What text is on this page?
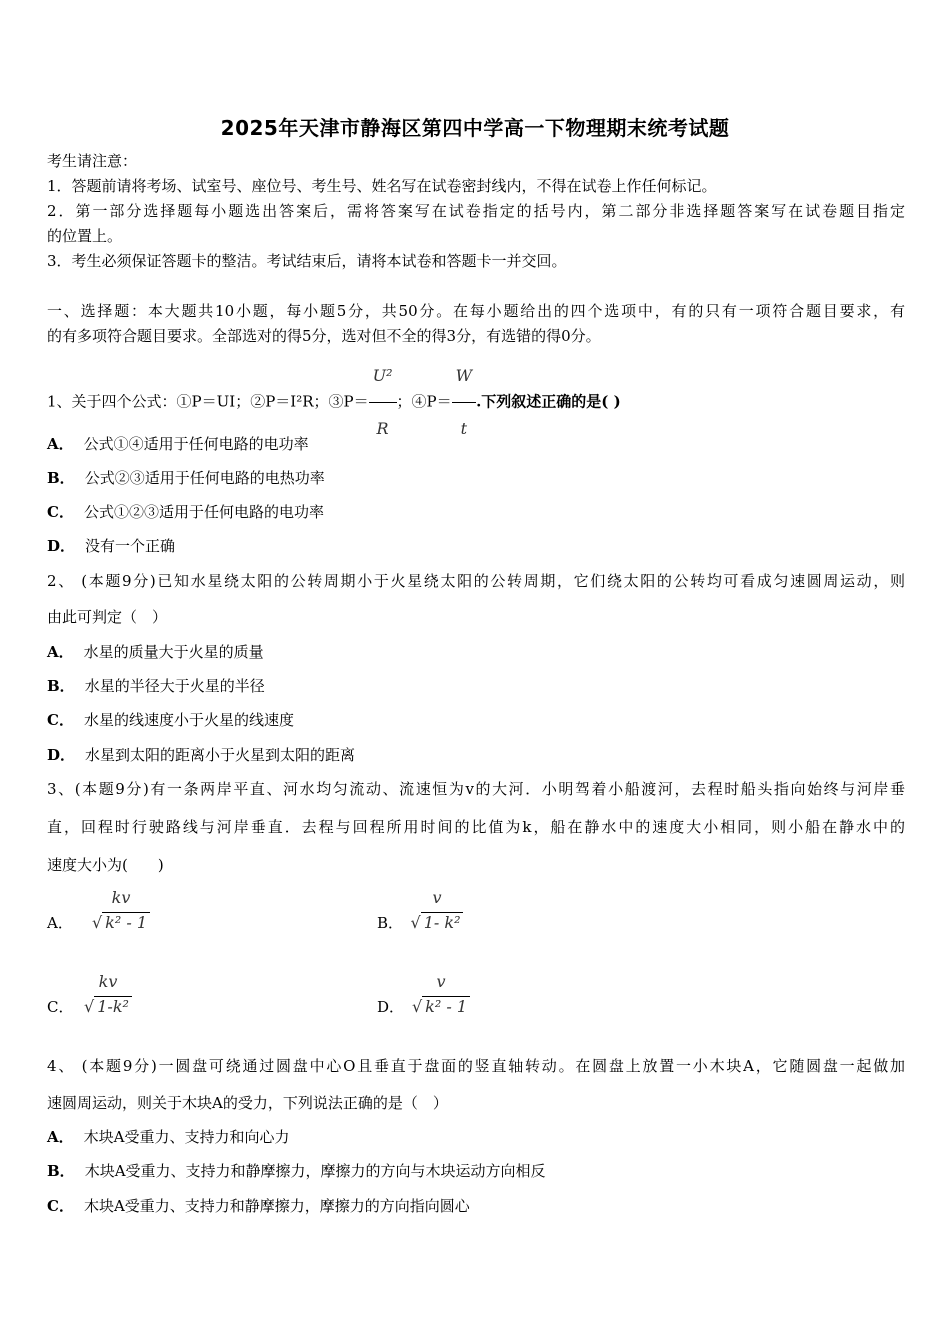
2025年天津市静海区第四中学高一下物理期末统考试题
考生请注意：
1．答题前请将考场、试室号、座位号、考生号、姓名写在试卷密封线内，不得在试卷上作任何标记。
2．第一部分选择题每小题选出答案后，需将答案写在试卷指定的括号内，第二部分非选择题答案写在试卷题目指定
的位置上。
3．考生必须保证答题卡的整洁。考试结束后，请将本试卷和答题卡一并交回。
一、选择题：本大题共10小题，每小题5分，共50分。在每小题给出的四个选项中，有的只有一项符合题目要求，有
的有多项符合题目要求。全部选对的得5分，选对但不全的得3分，有选错的得0分。
1、关于四个公式：①P＝UI；②P＝I²R；③P＝ $\frac{\text{U²}}{R}$ ；④P＝ $\frac{W}{t}$ .下列叙述正确的是( )
A． 公式①④适用于任何电路的电功率
B． 公式②③适用于任何电路的电热功率
C． 公式①②③适用于任何电路的电功率
D． 没有一个正确
2、 (本题9分)已知水星绕太阳的公转周期小于火星绕太阳的公转周期，它们绕太阳的公转均可看成匀速圆周运动，则
由此可判定（　）
A． 水星的质量大于火星的质量
B． 水星的半径大于火星的半径
C． 水星的线速度小于火星的线速度
D． 水星到太阳的距离小于火星到太阳的距离
3、(本题9分)有一条两岸平直、河水均匀流动、流速恒为v的大河．小明驾着小船渡河，去程时船头指向始终与河岸垂
直，回程时行驶路线与河岸垂直．去程与回程所用时间的比值为k，船在静水中的速度大小相同，则小船在静水中的
速度大小为(　　)
A．
kv
√ k² - 1	B．
v
√ 1- k²
C．
kv
√ 1-k²	D．
v
√ k² - 1
4、 (本题9分)一圆盘可绕通过圆盘中心O且垂直于盘面的竖直轴转动。在圆盘上放置一小木块A，它随圆盘一起做加
速圆周运动，则关于木块A的受力，下列说法正确的是（　）
A． 木块A受重力、支持力和向心力
B． 木块A受重力、支持力和静摩擦力，摩擦力的方向与木块运动方向相反
C． 木块A受重力、支持力和静摩擦力，摩擦力的方向指向圆心
